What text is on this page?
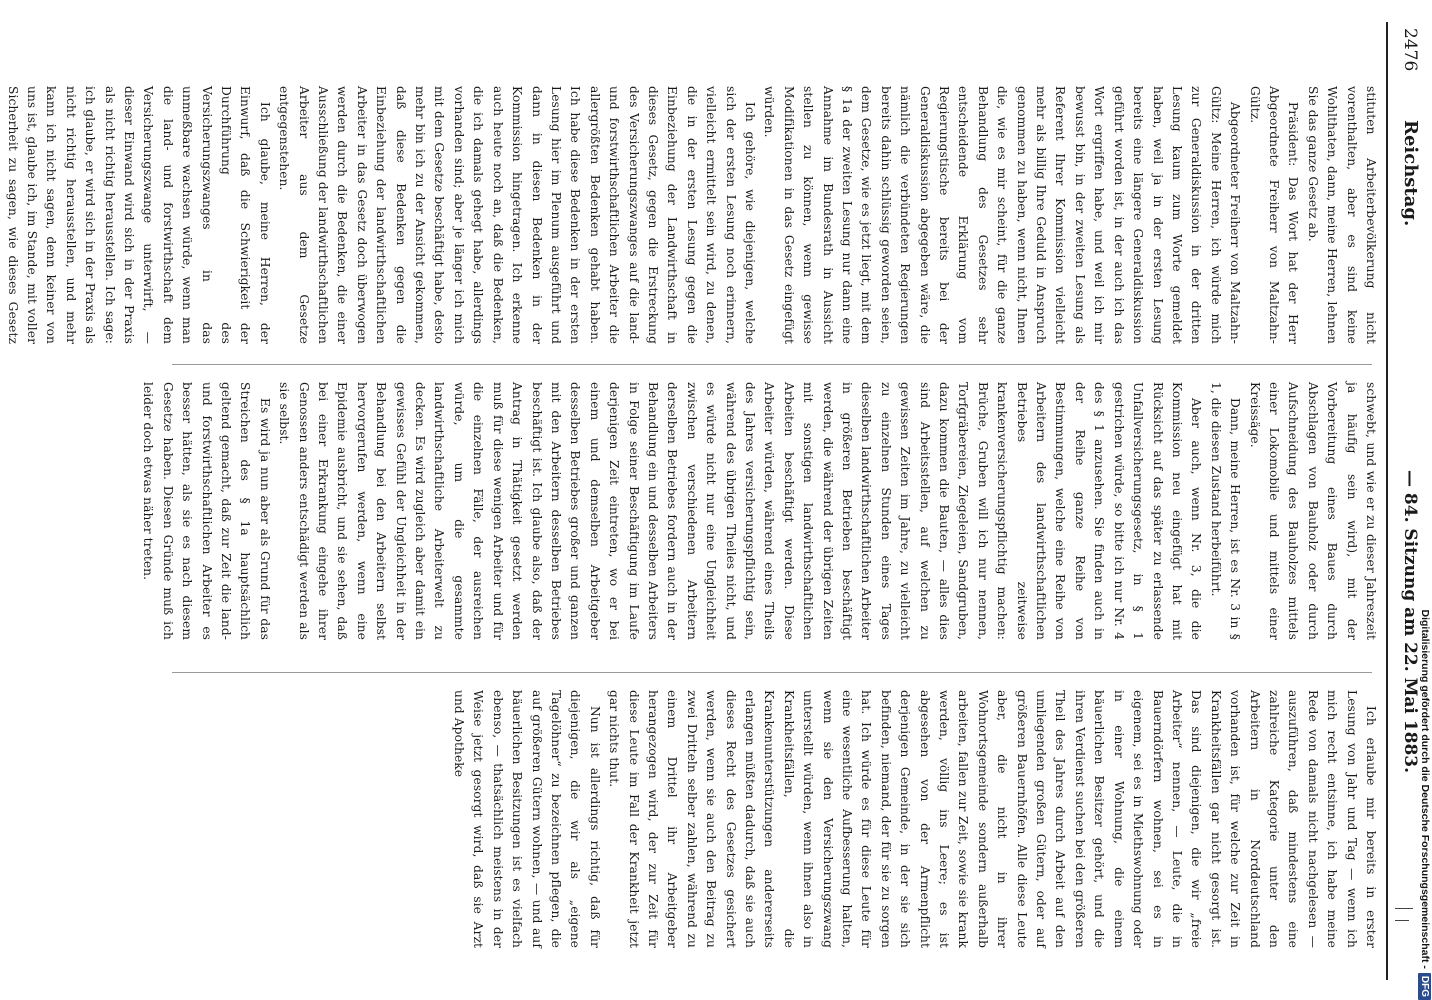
2476
Reichstag.
— 84. Sitzung am 22. Mai 1883.

stituten Arbeiterbevölkerung nicht vorenthalten, aber es sind keine Wohlthaten, dann, meine Herren, lehnen Sie das ganze Gesetz ab.

Präsident: Das Wort hat der Herr Abgeordnete Freiherr von Maltzahn-Gültz.

Abgeordneter Freiherr von Maltzahn-Gültz: Meine Herren, ich würde mich zur Generaldiskussion in der dritten Lesung kaum zum Worte gemeldet haben, weil ja in der ersten Lesung bereits eine längere Generaldiskussion geführt worden ist, in der auch ich das Wort ergriffen habe, und weil ich mir bewusst bin, in der zweiten Lesung als Referent Ihrer Kommission vielleicht mehr als billig Ihre Geduld in Anspruch genommen zu haben, wenn nicht, Ihnen die, wie es mir scheint, für die ganze Behandlung des Gesetzes sehr entscheidende Erklärung vom Regierungstische bereits bei der Generaldiskussion abgegeben wäre, die nämlich die verbündeten Regierungen bereits dahin schlüssig geworden seien, dem Gesetze, wie es jetzt liegt, mit dem § 1a der zweiten Lesung nur dann eine Annahme im Bundesrath in Aussicht stellen zu können, wenn gewisse Modifikationen in das Gesetz eingefügt würden.

Ich gehöre, wie diejenigen, welche sich der ersten Lesung noch erinnern, vielleicht ermittelt sein wird, zu denen, die in der ersten Lesung gegen die Einbeziehung der Landwirthschaft in dieses Gesetz, gegen die Erstreckung des Versicherungszwanges auf die land- und forstwirthschaftlichen Arbeiter die allergrößten Bedenken gehabt haben. Ich habe diese Bedenken in der ersten Lesung hier im Plenum ausgeführt und dann in diesen Bedenken in der Kommission hingetragen. Ich erkenne auch heute noch an, daß die Bedenken, die ich damals gehegt habe, allerdings vorhanden sind; aber je länger ich mich mit dem Gesetze beschäftigt habe, desto mehr bin ich zu der Ansicht gekommen, daß diese Bedenken gegen die Einbeziehung der landwirthschaftlichen Arbeiter in das Gesetz doch überwogen werden durch die Bedenken, die einer Ausschließung der landwirthschaftlichen Arbeiter aus dem Gesetze entgegenstehen.

Ich glaube, meine Herren, der Einwurf, daß die Schwierigkeit der Durchführung des Versicherungszwanges in das unmeßbare wachsen würde, wenn man die land- und forstwirthschaft dem Versicherungszwange unterwirft, — dieser Einwand wird sich in der Praxis als nicht richtig herausstellen. Ich sage: ich glaube, er wird sich in der Praxis als nicht richtig herausstellen, und mehr kann ich nicht sagen, denn keiner von uns ist, glaube ich, im Stande, mit voller Sicherheit zu sagen, wie dieses Gesetz

schwebt, und wie er zu dieser Jahreszeit ja häufig sein wird), mit der Vorbereitung eines Baues durch Abschlagen von Bauholz oder durch Aufschneidung des Bauholzes mittels einer Lokomobile und mittels einer Kreissäge.

Dann, meine Herren, ist es Nr. 3 in § 1, die diesen Zustand herbeiführt.

Aber auch, wenn Nr. 3, die die Kommission neu eingefügt hat mit Rücksicht auf das später zu erlassende Unfallversicherungsgesetz, in § 1 gestrichen würde, so bitte ich nur Nr. 4 des § 1 anzusehen. Sie finden auch in der Reihe ganze Reihe von Bestimmungen, welche eine Reihe von Arbeitern des landwirthschaftlichen Betriebes zeitweise krankenversicherungspflichtig machen: Brüche, Gruben will ich nur nennen, Torfgräbereien, Ziegeleien, Sandgruben, dazu kommen die Bauten, — alles dies sind Arbeitsstellen, auf welchen zu gewissen Zeiten im Jahre, zu vielleicht zu einzelnen Stunden eines Tages dieselben landwirthschaftlichen Arbeiter in größeren Betrieben beschäftigt werden, die während der übrigen Zeiten mit sonstigen landwirthschaftlichen Arbeiten beschäftigt werden. Diese Arbeiter würden, während eines Theils des Jahres versicherungspflichtig sein, während des übrigen Theiles nicht, und es würde nicht nur eine Ungleichheit zwischen verschiedenen Arbeitern derselben Betriebes fordern auch in der Behandlung ein und desselben Arbeiters in Folge seiner Beschäftigung im Laufe derjenigen Zeit eintreten, wo er bei einem und demselben Arbeitgeber desselben Betriebes großer und ganzen mit den Arbeitern desselben Betriebes beschäftigt ist. Ich glaube also, daß der Antrag in Thätigkeit gesetzt werden muß für diese wenigen Arbeiter und für die einzelnen Fälle, der ausreichen würde, um die gesammte landwirthschaftliche Arbeiterwelt zu decken. Es wird zugleich aber damit ein gewisses Gefühl der Ungleichheit in der Behandlung bei den Arbeitern selbst hervorgerufen werden, wenn eine Epidemie ausbricht, und sie sehen, daß bei einer Erkrankung eingehe ihrer Genossen anders entschädigt werden als sie selbst.

Es wird ja nun aber als Grund für das Streichen des § 1a hauptsächlich geltend gemacht, daß zur Zeit die land- und forstwirthschaftlichen Arbeiter es besser hätten, als sie es nach diesem Gesetze haben. Diesen Gründe muß ich leider doch etwas näher treten.

Ich erlaube mir bereits in erster Lesung von Jahr und Tag — wenn ich mich recht entsinne, ich habe meine Rede von damals nicht nachgelesen — auszuführen, daß mindestens eine zahlreiche Kategorie unter den Arbeitern in Norddeutschland vorhanden ist, für welche zur Zeit in Krankheitsfällen gar nicht gesorgt ist. Das sind diejenigen, die wir „freie Arbeiter“ nennen, — Leute, die in Bauerndörfern wohnen, sei es in eigenem, sei es in Miethswohnung oder in einer Wohnung, die einem bäuerlichen Besitzer gehört, und die ihren Verdienst suchen bei den größeren Theil des Jahres durch Arbeit auf den umliegenden großen Gütern, oder auf größeren Bauernhöfen. Alle diese Leute aber, die nicht in ihrer Wohnortsgemeinde sondern außerhalb arbeiten, fallen zur Zeit, sowie sie krank werden, völlig ins Leere; es ist abgesehen von der Armenpflicht derjenigen Gemeinde, in der sie sich befinden, niemand, der für sie zu sorgen hat. Ich würde es für diese Leute für eine wesentliche Aufbesserung halten, wenn sie den Versicherungszwang unterstellt würden, wenn ihnen also in Krankheitsfällen, die Krankenunterstützungen andererseits erlangen müßten dadurch, daß sie auch dieses Recht des Gesetzes gesichert werden, wenn sie auch den Beitrag zu zwei Dritteln selber zahlen, während zu einem Drittel ihr Arbeitgeber herangezogen wird, der zur Zeit für diese Leute im Fall der Krankheit jetzt gar nichts thut.

Nun ist allerdings richtig, daß für diejenigen, die wir als „eigene Tagelöhner“ zu bezeichnen pflegen, die auf größeren Gütern wohnen, — und auf bäuerlichen Besitzungen ist es vielfach ebenso, — thatsächlich meistens in der Weise jetzt gesorgt wird, daß sie Arzt und Apotheke	Digitalisierung gefördert durch die Deutsche Forschungsgemeinschaft -
DFG
